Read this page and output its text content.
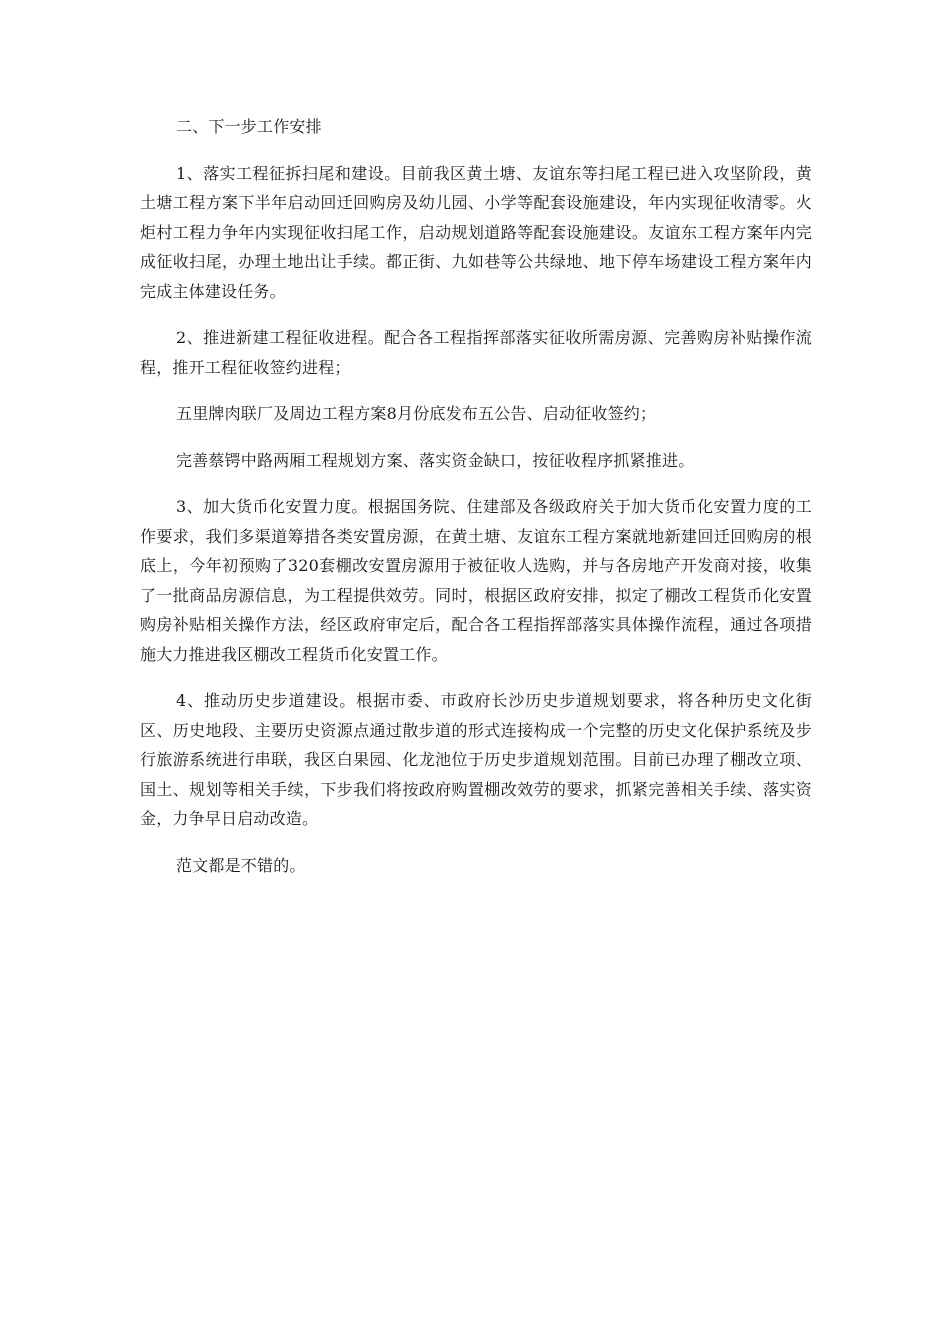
二、下一步工作安排

1、落实工程征拆扫尾和建设。目前我区黄土塘、友谊东等扫尾工程已进入攻坚阶段，黄土塘工程方案下半年启动回迁回购房及幼儿园、小学等配套设施建设，年内实现征收清零。火炬村工程力争年内实现征收扫尾工作，启动规划道路等配套设施建设。友谊东工程方案年内完成征收扫尾，办理土地出让手续。都正街、九如巷等公共绿地、地下停车场建设工程方案年内完成主体建设任务。

2、推进新建工程征收进程。配合各工程指挥部落实征收所需房源、完善购房补贴操作流程，推开工程征收签约进程；

五里牌肉联厂及周边工程方案8月份底发布五公告、启动征收签约；

完善蔡锷中路两厢工程规划方案、落实资金缺口，按征收程序抓紧推进。

3、加大货币化安置力度。根据国务院、住建部及各级政府关于加大货币化安置力度的工作要求，我们多渠道筹措各类安置房源，在黄土塘、友谊东工程方案就地新建回迁回购房的根底上，今年初预购了320套棚改安置房源用于被征收人选购，并与各房地产开发商对接，收集了一批商品房源信息，为工程提供效劳。同时，根据区政府安排，拟定了棚改工程货币化安置购房补贴相关操作方法，经区政府审定后，配合各工程指挥部落实具体操作流程，通过各项措施大力推进我区棚改工程货币化安置工作。

4、推动历史步道建设。根据市委、市政府长沙历史步道规划要求，将各种历史文化街区、历史地段、主要历史资源点通过散步道的形式连接构成一个完整的历史文化保护系统及步行旅游系统进行串联，我区白果园、化龙池位于历史步道规划范围。目前已办理了棚改立项、国土、规划等相关手续，下步我们将按政府购置棚改效劳的要求，抓紧完善相关手续、落实资金，力争早日启动改造。

范文都是不错的。
